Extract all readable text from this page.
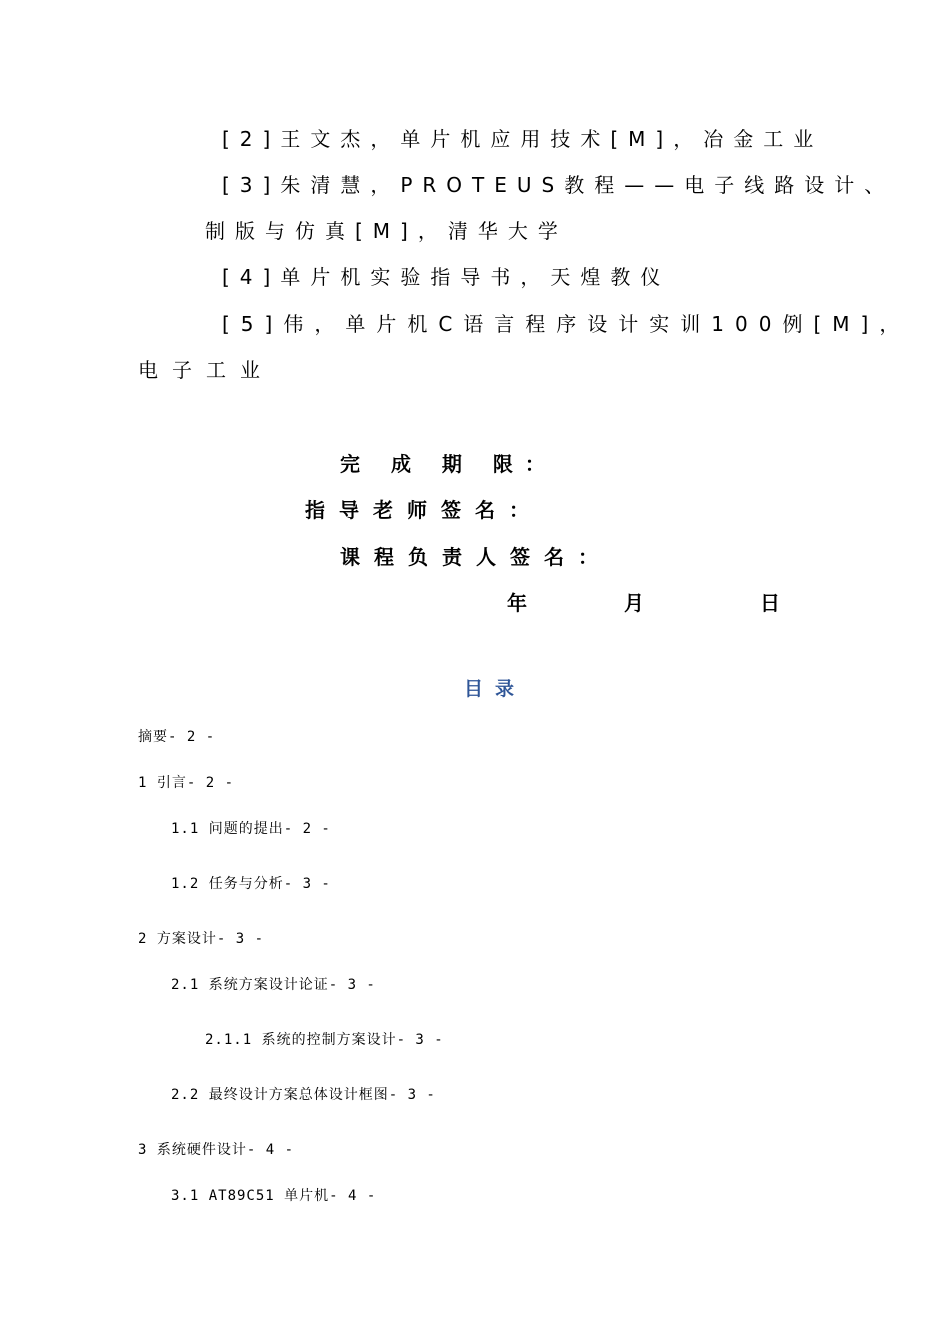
[2]王文杰，单片机应用技术[M]，冶金工业
[3]朱清慧，PROTEUS教程——电子线路设计、
制版与仿真[M]，清华大学
[4]单片机实验指导书，天煌教仪
[5]伟，单片机C语言程序设计实训100例[M]，
电子工业
完 成 期 限：
指导老师签名：
课程负责人签名：
年	月	日
目录
摘要- 2 -
1 引言- 2 -
1.1 问题的提出- 2 -
1.2 任务与分析- 3 -
2 方案设计- 3 -
2.1 系统方案设计论证- 3 -
2.1.1 系统的控制方案设计- 3 -
2.2 最终设计方案总体设计框图- 3 -
3 系统硬件设计- 4 -
3.1 AT89C51 单片机- 4 -
